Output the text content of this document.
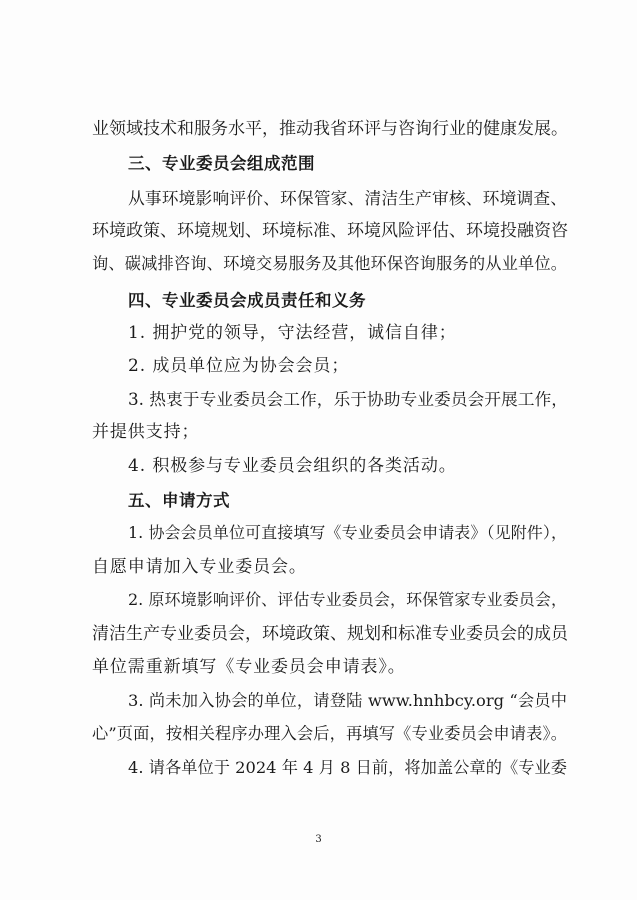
业领域技术和服务水平，推动我省环评与咨询行业的健康发展。
三、专业委员会组成范围
从事环境影响评价、环保管家、清洁生产审核、环境调查、
环境政策、环境规划、环境标准、环境风险评估、环境投融资咨
询、碳减排咨询、环境交易服务及其他环保咨询服务的从业单位。
四、专业委员会成员责任和义务
1. 拥护党的领导，守法经营，诚信自律；
2. 成员单位应为协会会员；
3. 热衷于专业委员会工作，乐于协助专业委员会开展工作，
并提供支持；
4. 积极参与专业委员会组织的各类活动。
五、申请方式
1. 协会会员单位可直接填写《专业委员会申请表》（见附件），
自愿申请加入专业委员会。
2. 原环境影响评价、评估专业委员会，环保管家专业委员会，
清洁生产专业委员会，环境政策、规划和标准专业委员会的成员
单位需重新填写《专业委员会申请表》。
3. 尚未加入协会的单位，请登陆 www.hnhbcy.org “会员中
心”页面，按相关程序办理入会后，再填写《专业委员会申请表》。
4. 请各单位于 2024 年 4 月 8 日前，将加盖公章的《专业委
3
